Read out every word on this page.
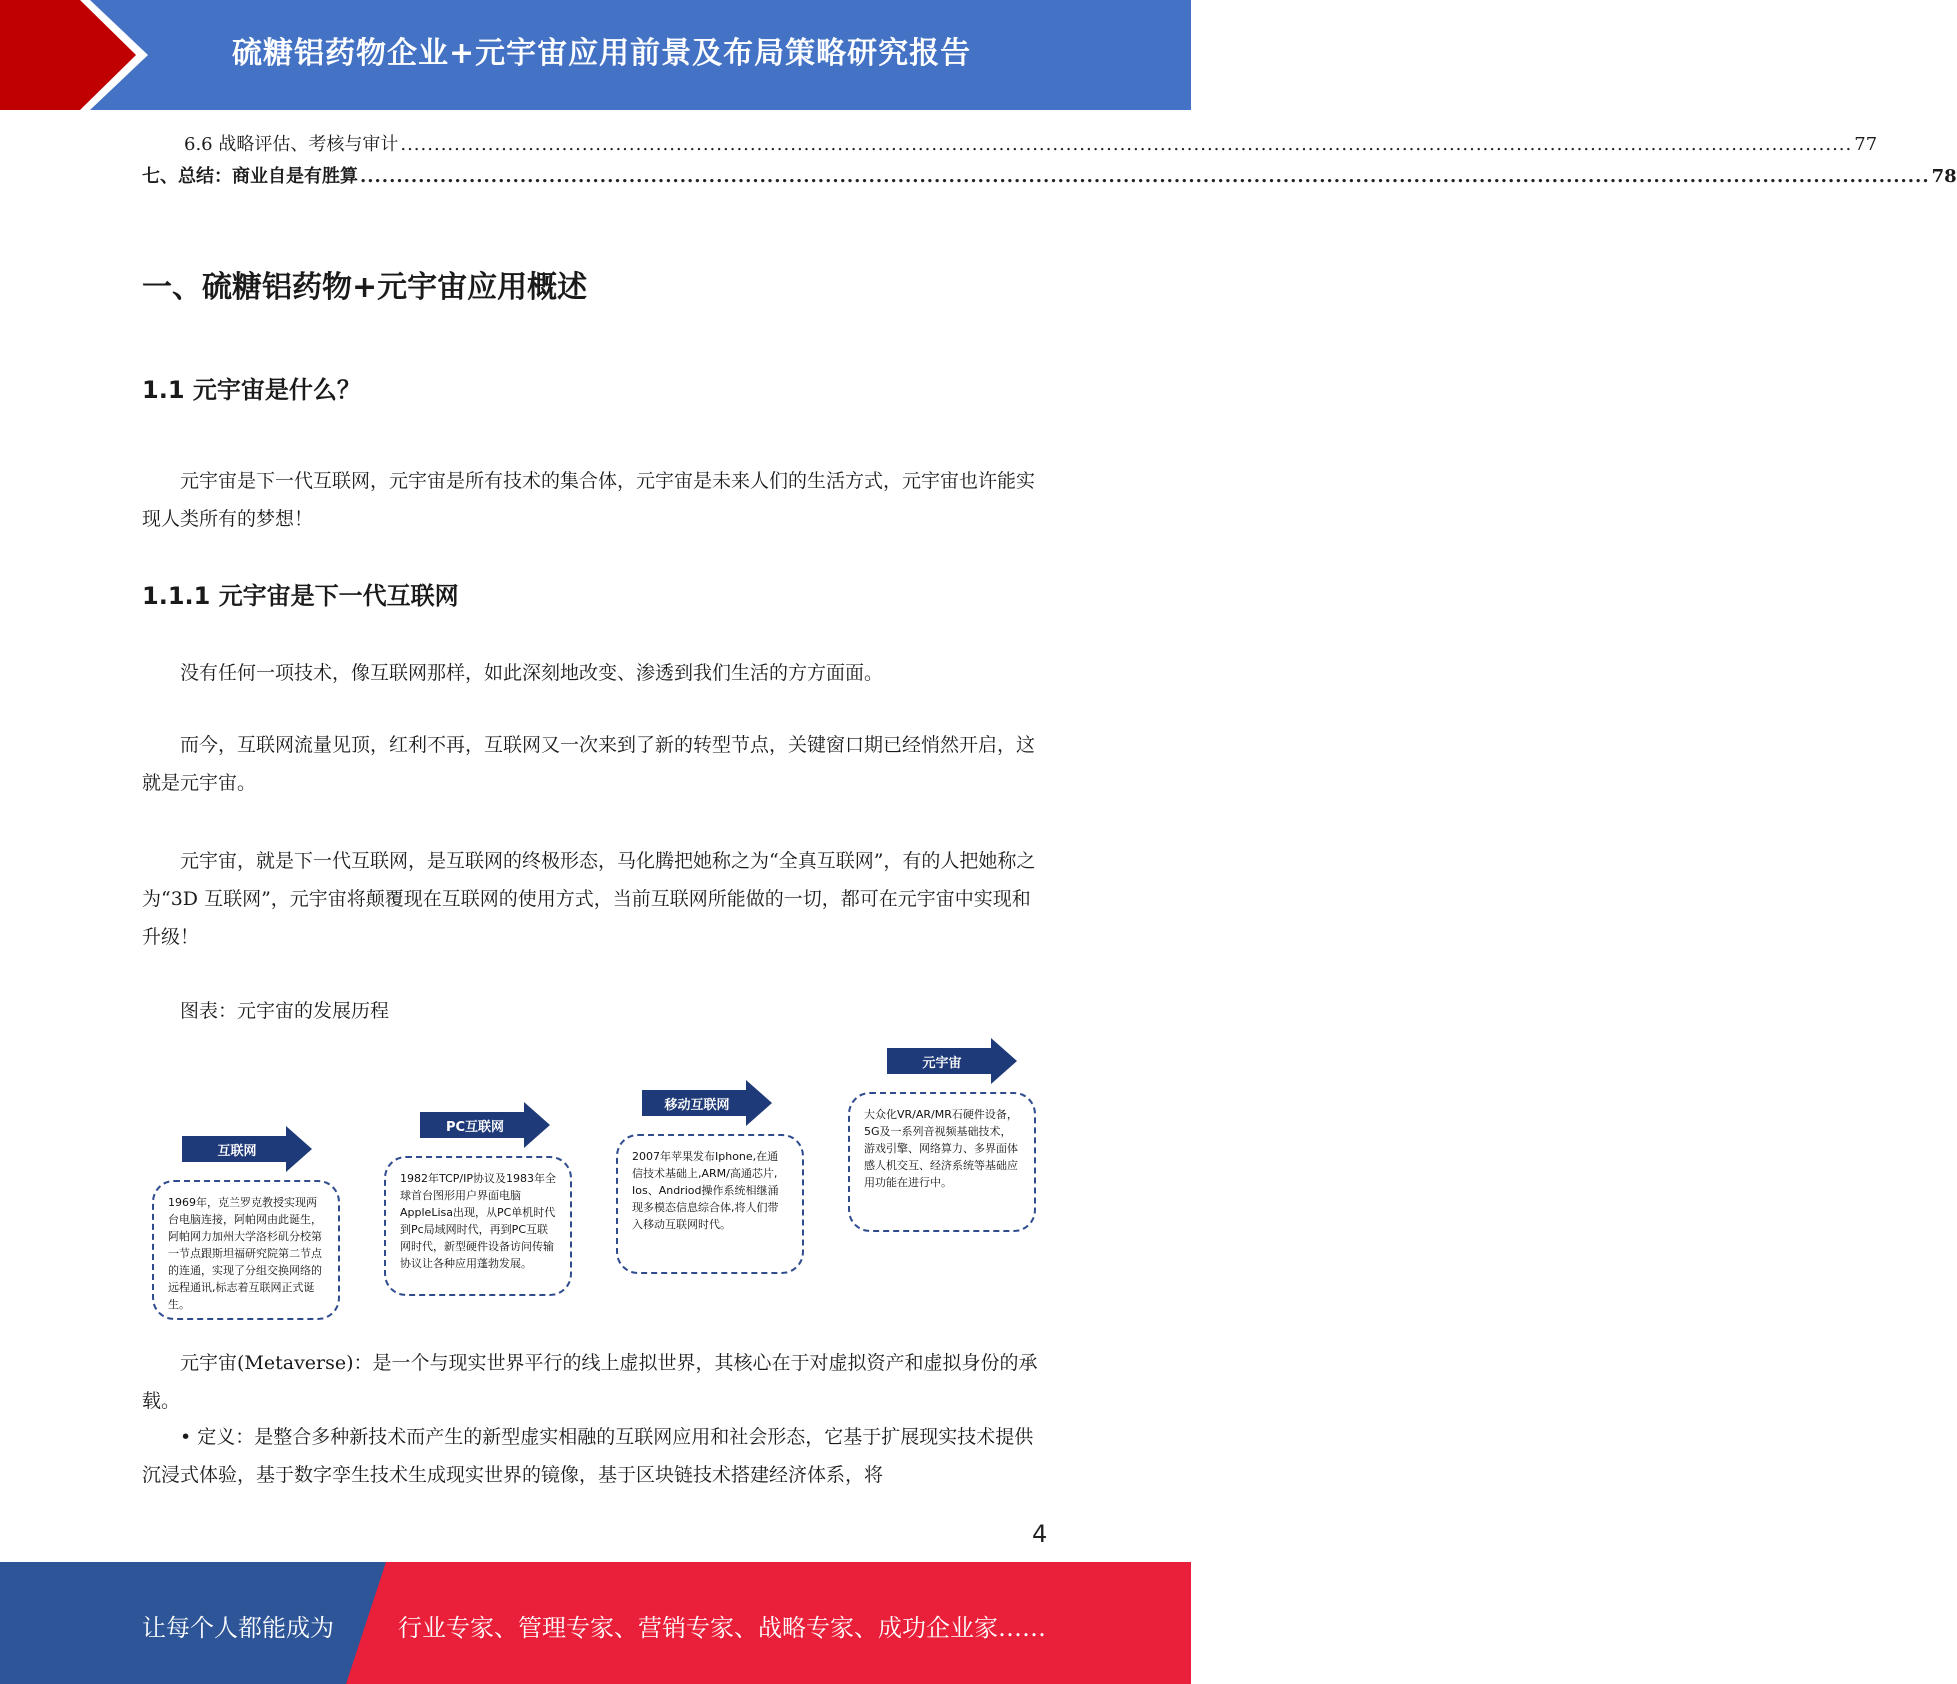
硫糖铝药物企业+元宇宙应用前景及布局策略研究报告
6.6 战略评估、考核与审计 ........................................................................................................................................................................................................................ 77
七、总结：商业自是有胜算 ........................................................................................................................................................................................................................ 78
一、硫糖铝药物+元宇宙应用概述
1.1 元宇宙是什么？

元宇宙是下一代互联网，元宇宙是所有技术的集合体，元宇宙是未来人们的生活方式，元宇宙也许能实现人类所有的梦想！

1.1.1 元宇宙是下一代互联网

没有任何一项技术，像互联网那样，如此深刻地改变、渗透到我们生活的方方面面。

而今，互联网流量见顶，红利不再，互联网又一次来到了新的转型节点，关键窗口期已经悄然开启，这就是元宇宙。

元宇宙，就是下一代互联网，是互联网的终极形态，马化腾把她称之为“全真互联网”，有的人把她称之为“3D 互联网”，元宇宙将颠覆现在互联网的使用方式，当前互联网所能做的一切，都可在元宇宙中实现和升级！

图表：元宇宙的发展历程

互联网
1969年，克兰罗克教授实现两台电脑连接，阿帕网由此诞生，阿帕网力加州大学洛杉矶分校第一节点跟斯坦福研究院第二节点的连通，实现了分组交换网络的远程通讯,标志着互联网正式诞生。
PC互联网
1982年TCP/IP协议及1983年全球首台图形用户界面电脑AppleLisa出现，从PC单机时代到Pc局域网时代，再到PC互联网时代，新型硬件设备访问传输协议让各种应用蓬勃发展。
移动互联网
2007年苹果发布Iphone,在通信技术基础上,ARM/高通芯片, Ios、Andriod操作系统相继涌现多模态信息综合体,将人们带入移动互联网时代。
元宇宙
大众化VR/AR/MR石硬件设备，5G及一系列音视频基础技术，游戏引擎、网络算力、多界面体感人机交互、经济系统等基础应用功能在进行中。

元宇宙(Metaverse)：是一个与现实世界平行的线上虚拟世界，其核心在于对虚拟资产和虚拟身份的承载。

• 定义：是整合多种新技术而产生的新型虚实相融的互联网应用和社会形态，它基于扩展现实技术提供沉浸式体验，基于数字孪生技术生成现实世界的镜像，基于区块链技术搭建经济体系，将

4
让每个人都能成为	行业专家、管理专家、营销专家、战略专家、成功企业家……
